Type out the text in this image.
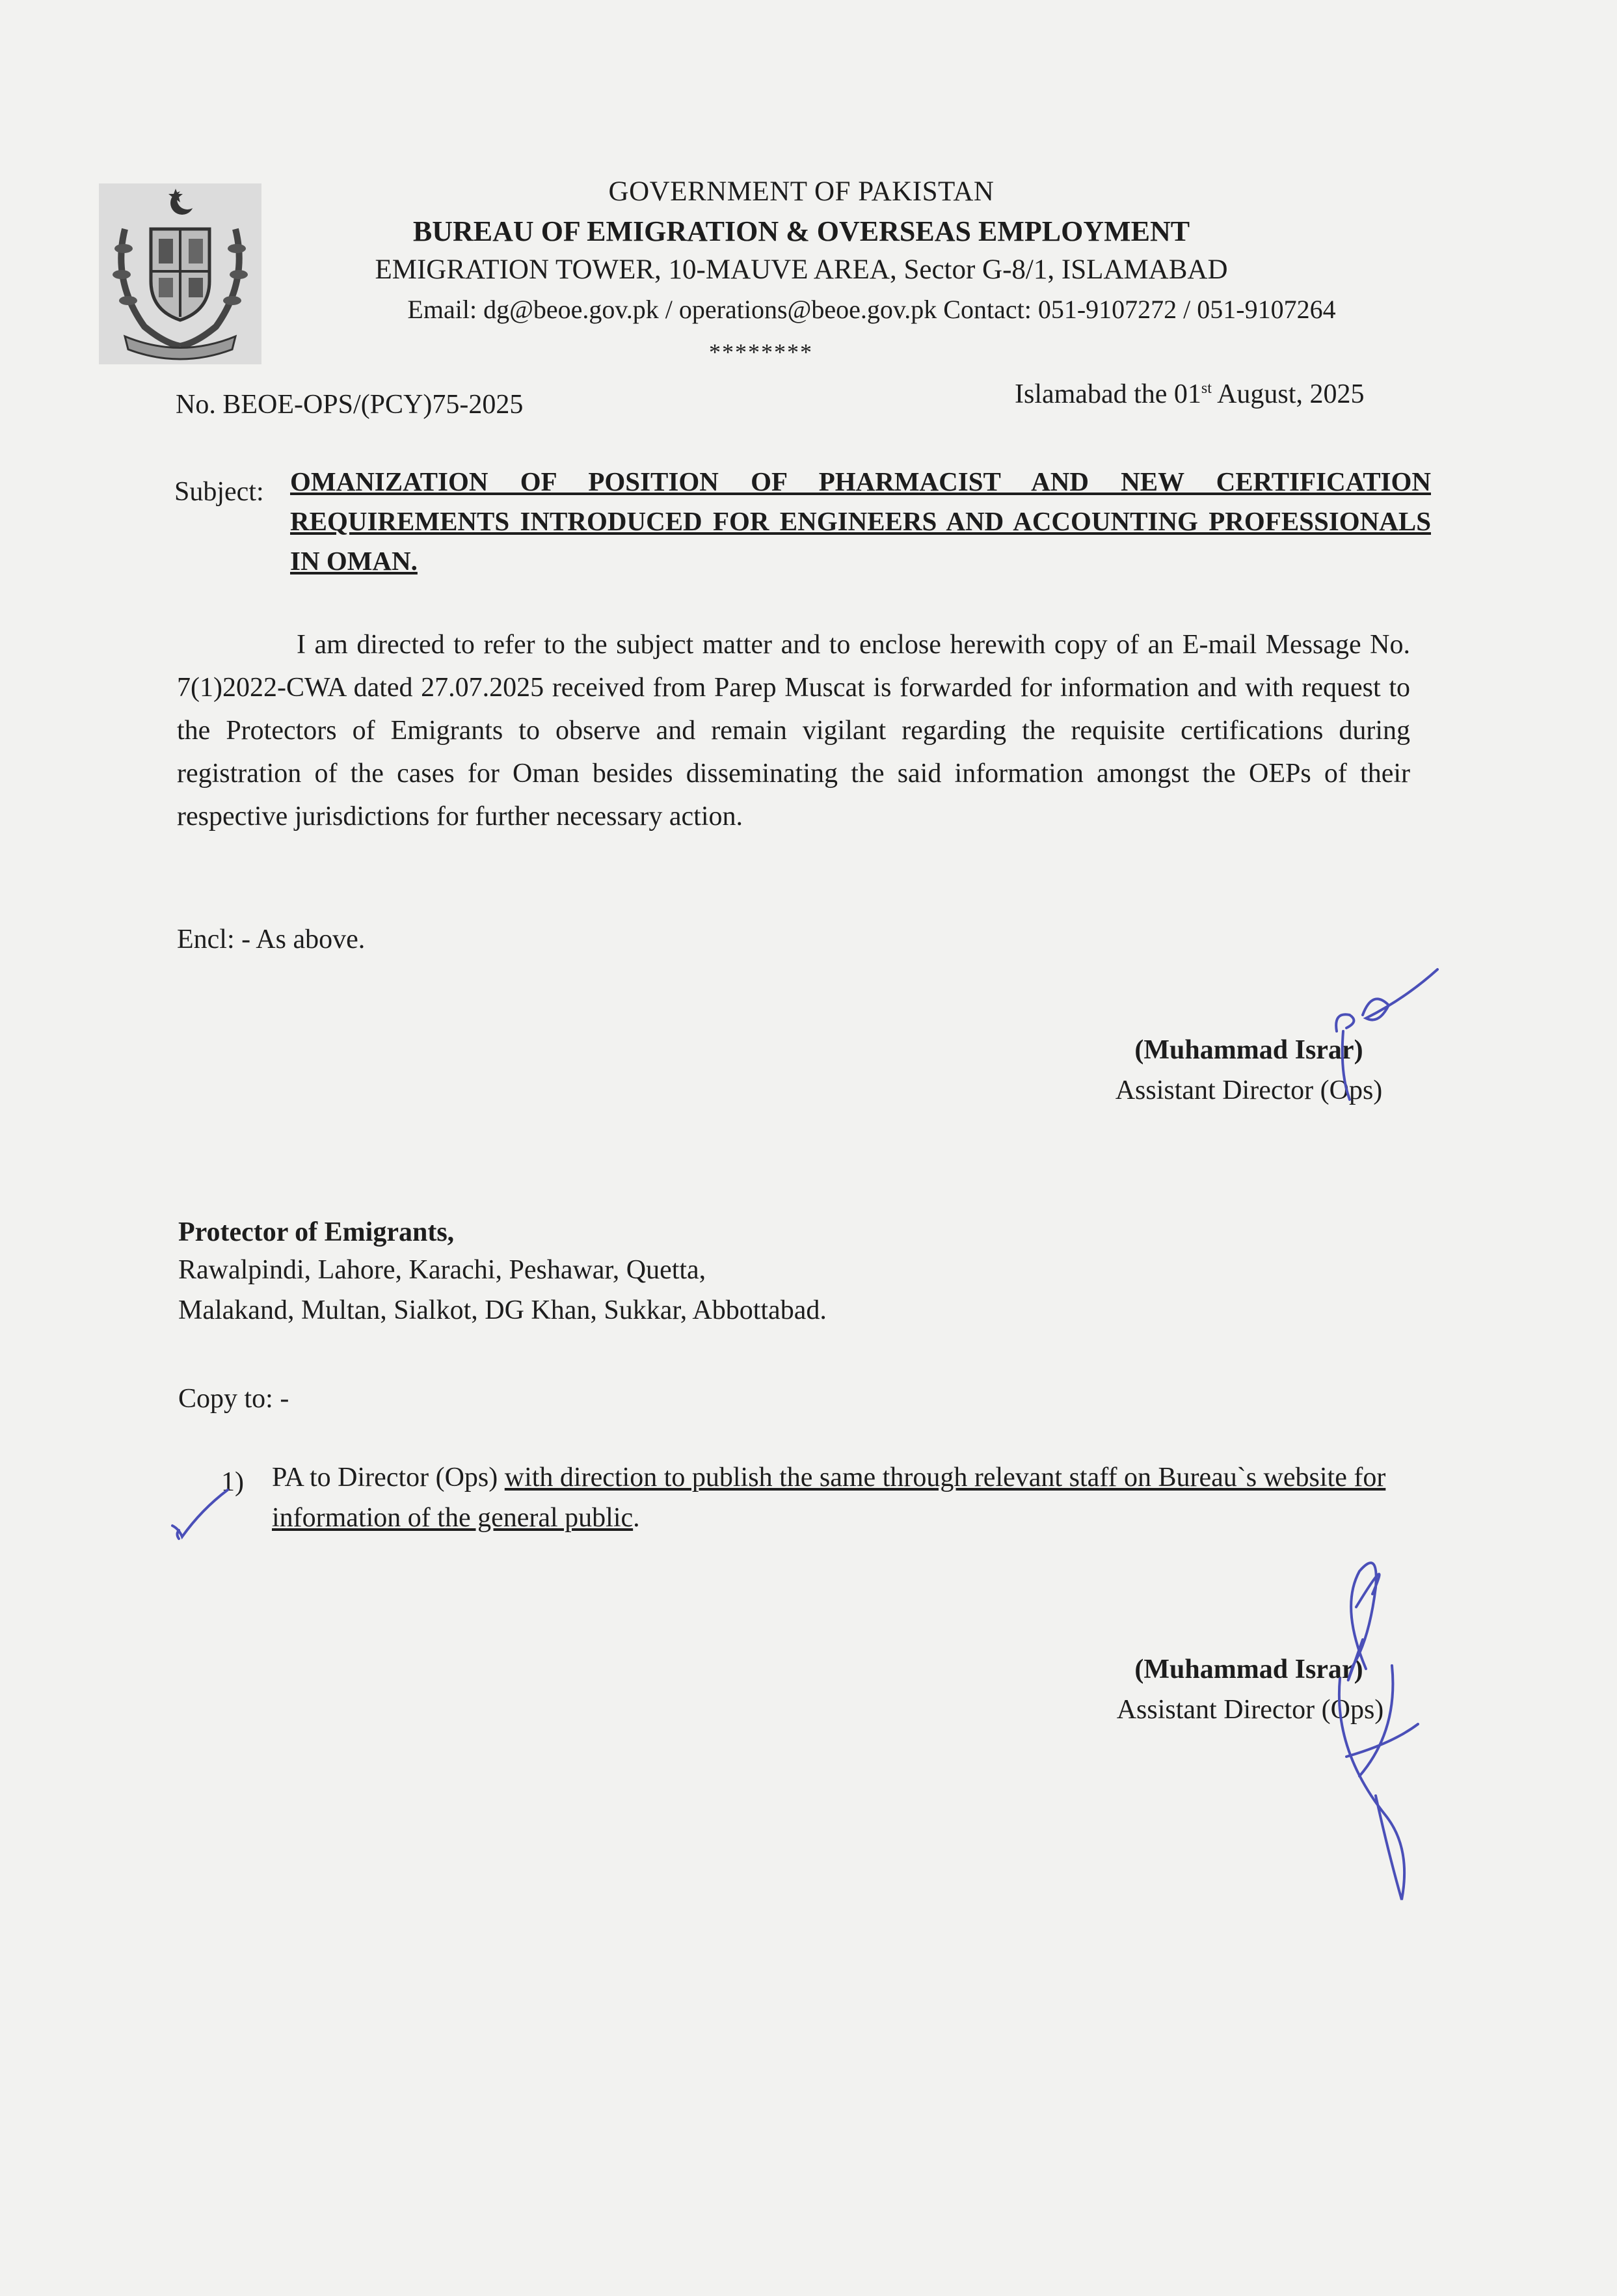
GOVERNMENT OF PAKISTAN
BUREAU OF EMIGRATION & OVERSEAS EMPLOYMENT
EMIGRATION TOWER, 10-MAUVE AREA, Sector G-8/1, ISLAMABAD
Email: dg@beoe.gov.pk / operations@beoe.gov.pk Contact: 051-9107272 / 051-9107264
********
No. BEOE-OPS/(PCY)75-2025	Islamabad the 01st August, 2025
Subject: OMANIZATION OF POSITION OF PHARMACIST AND NEW CERTIFICATION REQUIREMENTS INTRODUCED FOR ENGINEERS AND ACCOUNTING PROFESSIONALS IN OMAN.
I am directed to refer to the subject matter and to enclose herewith copy of an E-mail Message No. 7(1)2022-CWA dated 27.07.2025 received from Parep Muscat is forwarded for information and with request to the Protectors of Emigrants to observe and remain vigilant regarding the requisite certifications during registration of the cases for Oman besides disseminating the said information amongst the OEPs of their respective jurisdictions for further necessary action.
Encl: - As above.
(Muhammad Israr)
Assistant Director (Ops)
Protector of Emigrants,
Rawalpindi, Lahore, Karachi, Peshawar, Quetta,
Malakand, Multan, Sialkot, DG Khan, Sukkar, Abbottabad.
Copy to: -
1) PA to Director (Ops) with direction to publish the same through relevant staff on Bureau`s website for information of the general public.
(Muhammad Israr)
Assistant Director (Ops)
